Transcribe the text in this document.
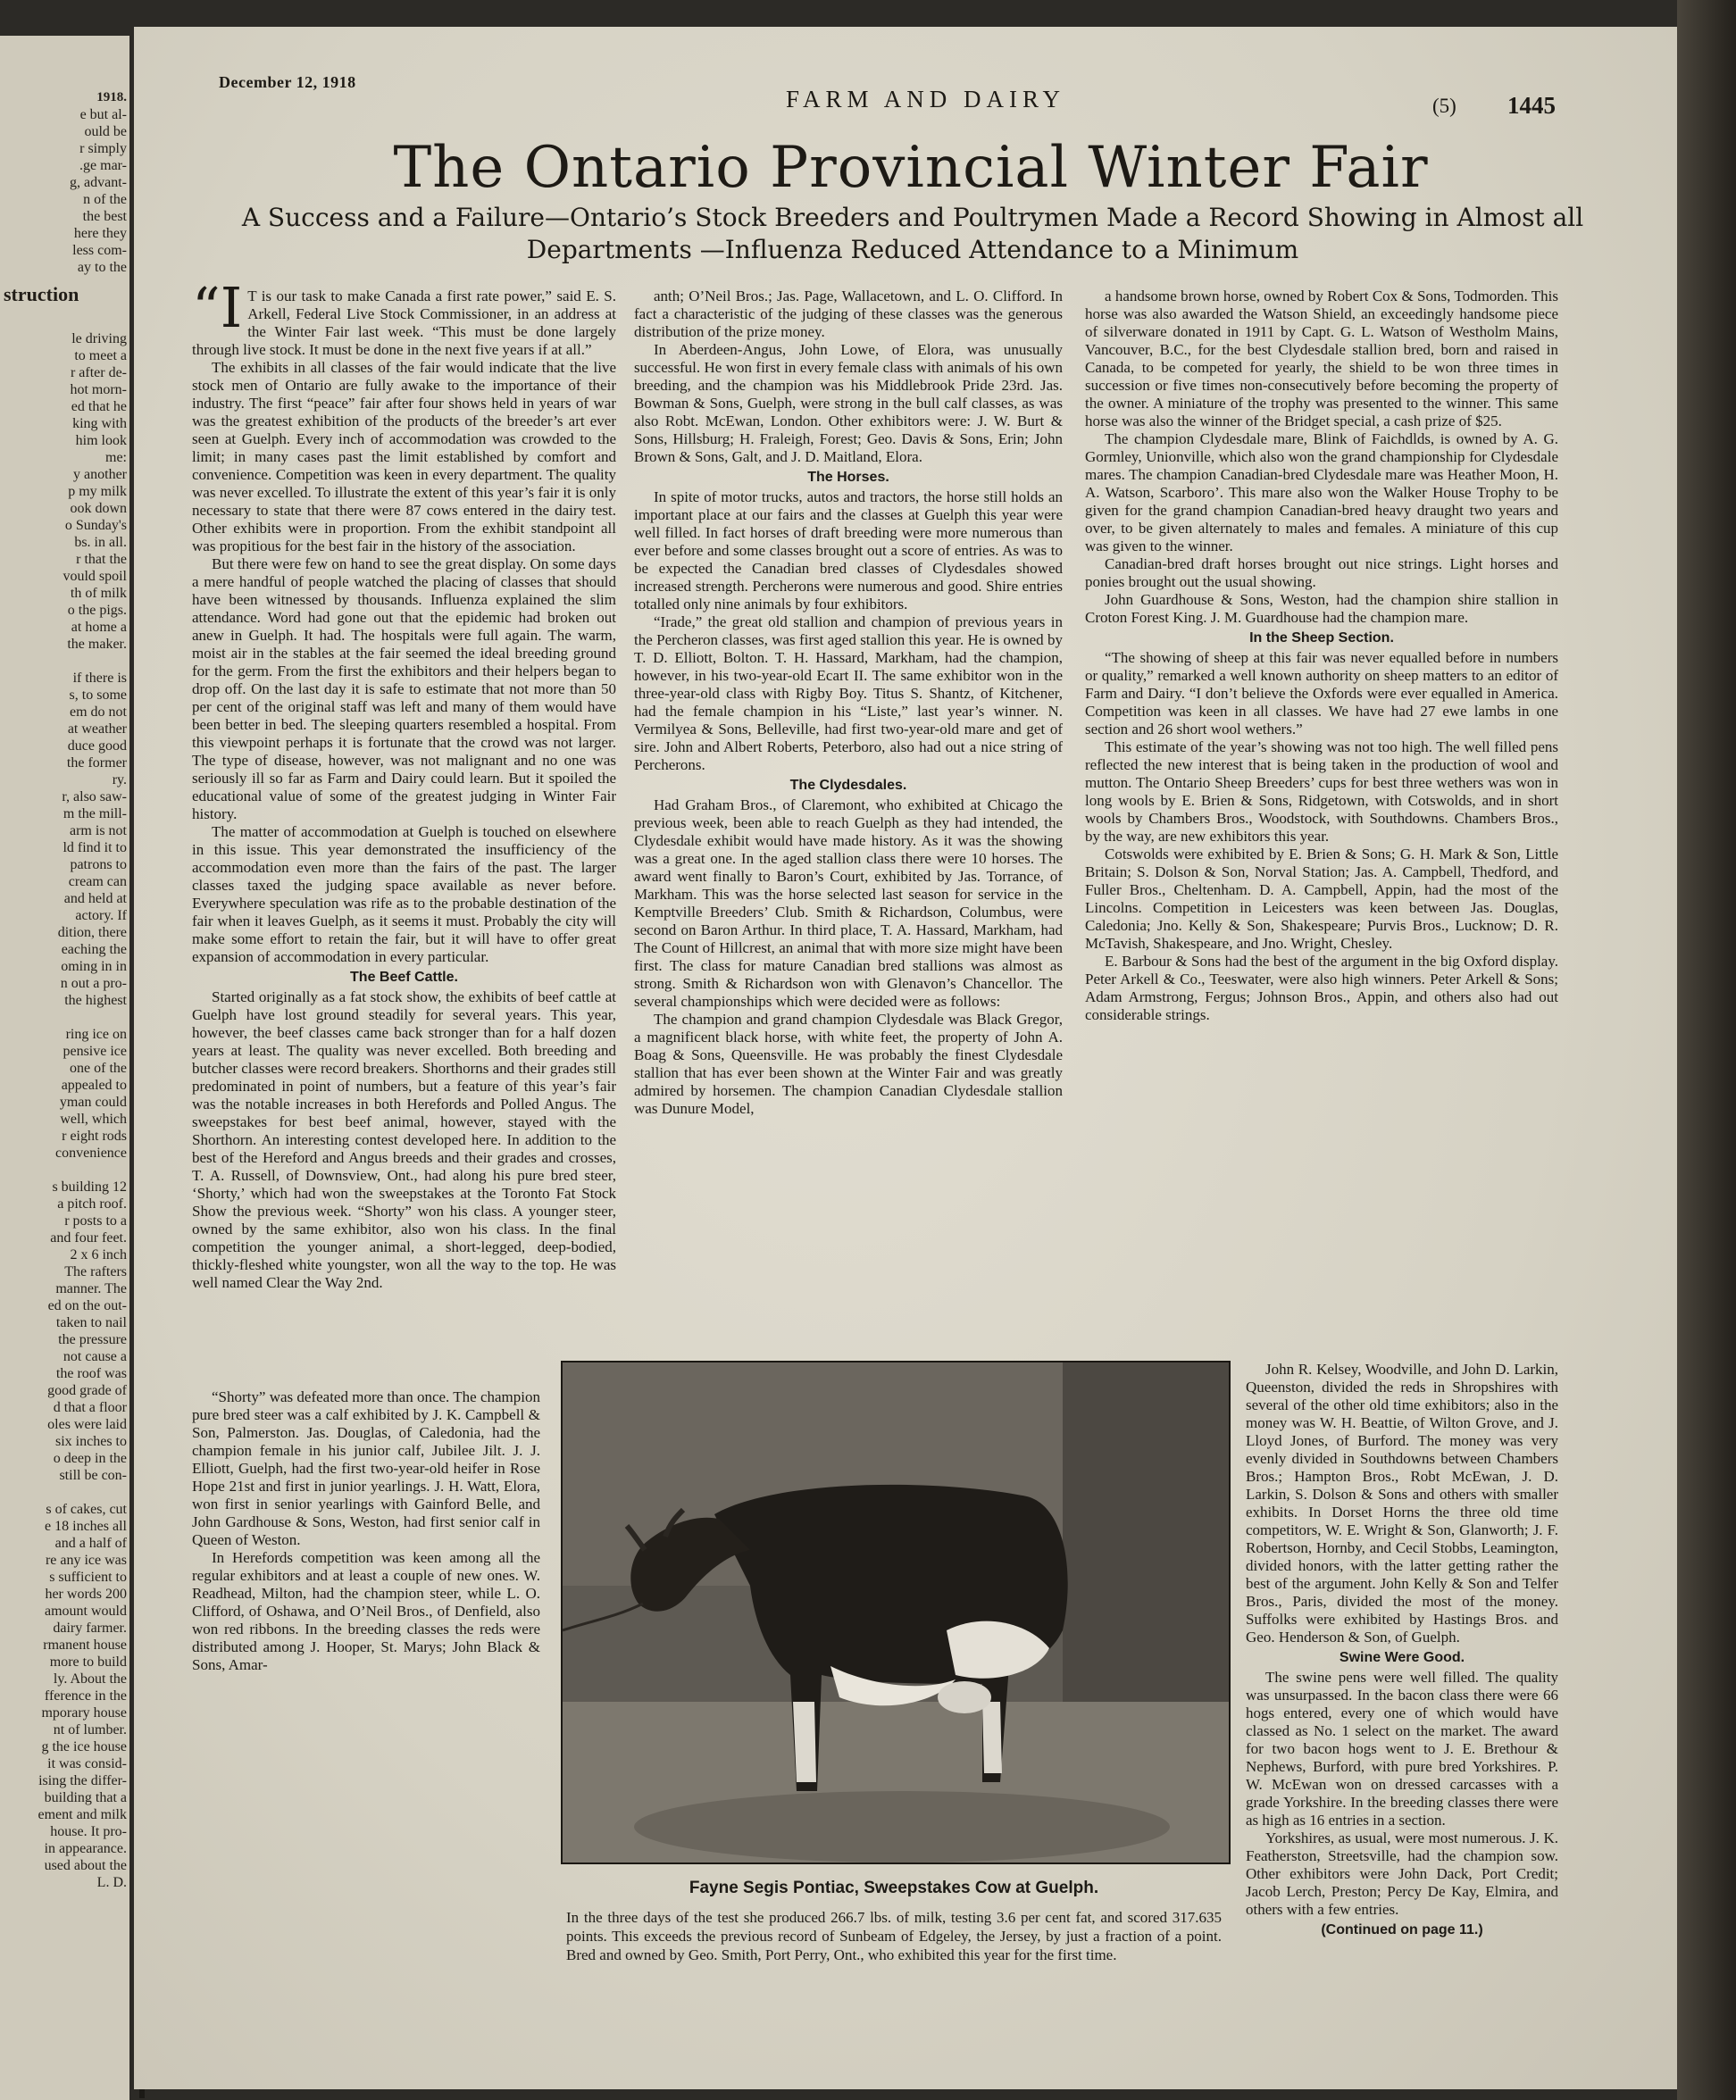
1918.
e but al-
ould be
r simply
.ge mar-
g, advant-
n of the
the best
here they
less com-
ay to the

struction

le driving
to meet a
r after de-
hot morn-
ed that he
king with
him look
me:
y another
p my milk
ook down
o Sunday's
bs. in all.
r that the
vould spoil
th of milk
o the pigs.
at home a
the maker.

if there is
s, to some
em do not
at weather
duce good
the former
ry.
r, also saw-
m the mill-
arm is not
ld find it to
patrons to
cream can
and held at
actory. If
dition, there
eaching the
oming in in
n out a pro-
the highest

ring ice on
pensive ice
one of the
appealed to
yman could
well, which
r eight rods
convenience

s building 12
a pitch roof.
r posts to a
and four feet.
2 x 6 inch
The rafters
manner. The
ed on the out-
taken to nail
the pressure
not cause a
the roof was
good grade of
d that a floor
oles were laid
six inches to
o deep in the
still be con-

s of cakes, cut
e 18 inches all
and a half of
re any ice was
s sufficient to
her words 200
amount would
dairy farmer.
rmanent house
more to build
ly. About the
fference in the
mporary house
nt of lumber.
g the ice house
it was consid-
ising the differ-
building that a
ement and milk
house. It pro-
in appearance.
used about the
L. D.

December 12, 1918
FARM AND DAIRY	(5) 1445
The Ontario Provincial Winter Fair
A Success and a Failure—Ontario’s Stock Breeders and Poultrymen Made a Record Showing in Almost all Departments —Influenza Reduced Attendance to a Minimum

“I T is our task to make Canada a first rate power,” said E. S. Arkell, Federal Live Stock Commissioner, in an address at the Winter Fair last week. “This must be done largely through live stock. It must be done in the next five years if at all.”

The exhibits in all classes of the fair would indicate that the live stock men of Ontario are fully awake to the importance of their industry. The first “peace” fair after four shows held in years of war was the greatest exhibition of the products of the breeder’s art ever seen at Guelph. Every inch of accommodation was crowded to the limit; in many cases past the limit established by comfort and convenience. Competition was keen in every department. The quality was never excelled. To illustrate the extent of this year’s fair it is only necessary to state that there were 87 cows entered in the dairy test. Other exhibits were in proportion. From the exhibit standpoint all was propitious for the best fair in the history of the association.

But there were few on hand to see the great display. On some days a mere handful of people watched the placing of classes that should have been witnessed by thousands. Influenza explained the slim attendance. Word had gone out that the epidemic had broken out anew in Guelph. It had. The hospitals were full again. The warm, moist air in the stables at the fair seemed the ideal breeding ground for the germ. From the first the exhibitors and their helpers began to drop off. On the last day it is safe to estimate that not more than 50 per cent of the original staff was left and many of them would have been better in bed. The sleeping quarters resembled a hospital. From this viewpoint perhaps it is fortunate that the crowd was not larger. The type of disease, however, was not malignant and no one was seriously ill so far as Farm and Dairy could learn. But it spoiled the educational value of some of the greatest judging in Winter Fair history.

The matter of accommodation at Guelph is touched on elsewhere in this issue. This year demonstrated the insufficiency of the accommodation even more than the fairs of the past. The larger classes taxed the judging space available as never before. Everywhere speculation was rife as to the probable destination of the fair when it leaves Guelph, as it seems it must. Probably the city will make some effort to retain the fair, but it will have to offer great expansion of accommodation in every particular.

The Beef Cattle.

Started originally as a fat stock show, the exhibits of beef cattle at Guelph have lost ground steadily for several years. This year, however, the beef classes came back stronger than for a half dozen years at least. The quality was never excelled. Both breeding and butcher classes were record breakers. Shorthorns and their grades still predominated in point of numbers, but a feature of this year’s fair was the notable increases in both Herefords and Polled Angus. The sweepstakes for best beef animal, however, stayed with the Shorthorn. An interesting contest developed here. In addition to the best of the Hereford and Angus breeds and their grades and crosses, T. A. Russell, of Downsview, Ont., had along his pure bred steer, ‘Shorty,’ which had won the sweepstakes at the Toronto Fat Stock Show the previous week. “Shorty” won his class. A younger steer, owned by the same exhibitor, also won his class. In the final competition the younger animal, a short-legged, deep-bodied, thickly-fleshed white youngster, won all the way to the top. He was well named Clear the Way 2nd.

“Shorty” was defeated more than once. The champion pure bred steer was a calf exhibited by J. K. Campbell & Son, Palmerston. Jas. Douglas, of Caledonia, had the champion female in his junior calf, Jubilee Jilt. J. J. Elliott, Guelph, had the first two-year-old heifer in Rose Hope 21st and first in junior yearlings. J. H. Watt, Elora, won first in senior yearlings with Gainford Belle, and John Gardhouse & Sons, Weston, had first senior calf in Queen of Weston.

In Herefords competition was keen among all the regular exhibitors and at least a couple of new ones. W. Readhead, Milton, had the champion steer, while L. O. Clifford, of Oshawa, and O’Neil Bros., of Denfield, also won red ribbons. In the breeding classes the reds were distributed among J. Hooper, St. Marys; John Black & Sons, Amar-

anth; O’Neil Bros.; Jas. Page, Wallacetown, and L. O. Clifford. In fact a characteristic of the judging of these classes was the generous distribution of the prize money.

In Aberdeen-Angus, John Lowe, of Elora, was unusually successful. He won first in every female class with animals of his own breeding, and the champion was his Middlebrook Pride 23rd. Jas. Bowman & Sons, Guelph, were strong in the bull calf classes, as was also Robt. McEwan, London. Other exhibitors were: J. W. Burt & Sons, Hillsburg; H. Fraleigh, Forest; Geo. Davis & Sons, Erin; John Brown & Sons, Galt, and J. D. Maitland, Elora.

The Horses.

In spite of motor trucks, autos and tractors, the horse still holds an important place at our fairs and the classes at Guelph this year were well filled. In fact horses of draft breeding were more numerous than ever before and some classes brought out a score of entries. As was to be expected the Canadian bred classes of Clydesdales showed increased strength. Percherons were numerous and good. Shire entries totalled only nine animals by four exhibitors.

“Irade,” the great old stallion and champion of previous years in the Percheron classes, was first aged stallion this year. He is owned by T. D. Elliott, Bolton. T. H. Hassard, Markham, had the champion, however, in his two-year-old Ecart II. The same exhibitor won in the three-year-old class with Rigby Boy. Titus S. Shantz, of Kitchener, had the female champion in his “Liste,” last year’s winner. N. Vermilyea & Sons, Belleville, had first two-year-old mare and get of sire. John and Albert Roberts, Peterboro, also had out a nice string of Percherons.

The Clydesdales.

Had Graham Bros., of Claremont, who exhibited at Chicago the previous week, been able to reach Guelph as they had intended, the Clydesdale exhibit would have made history. As it was the showing was a great one. In the aged stallion class there were 10 horses. The award went finally to Baron’s Court, exhibited by Jas. Torrance, of Markham. This was the horse selected last season for service in the Kemptville Breeders’ Club. Smith & Richardson, Columbus, were second on Baron Arthur. In third place, T. A. Hassard, Markham, had The Count of Hillcrest, an animal that with more size might have been first. The class for mature Canadian bred stallions was almost as strong. Smith & Richardson won with Glenavon’s Chancellor. The several championships which were decided were as follows:

The champion and grand champion Clydesdale was Black Gregor, a magnificent black horse, with white feet, the property of John A. Boag & Sons, Queensville. He was probably the finest Clydesdale stallion that has ever been shown at the Winter Fair and was greatly admired by horsemen. The champion Canadian Clydesdale stallion was Dunure Model,

a handsome brown horse, owned by Robert Cox & Sons, Todmorden. This horse was also awarded the Watson Shield, an exceedingly handsome piece of silverware donated in 1911 by Capt. G. L. Watson of Westholm Mains, Vancouver, B.C., for the best Clydesdale stallion bred, born and raised in Canada, to be competed for yearly, the shield to be won three times in succession or five times non-consecutively before becoming the property of the owner. A miniature of the trophy was presented to the winner. This same horse was also the winner of the Bridget special, a cash prize of $25.

The champion Clydesdale mare, Blink of Faichdlds, is owned by A. G. Gormley, Unionville, which also won the grand championship for Clydesdale mares. The champion Canadian-bred Clydesdale mare was Heather Moon, H. A. Watson, Scarboro’. This mare also won the Walker House Trophy to be given for the grand champion Canadian-bred heavy draught two years and over, to be given alternately to males and females. A miniature of this cup was given to the winner.

Canadian-bred draft horses brought out nice strings. Light horses and ponies brought out the usual showing.

John Guardhouse & Sons, Weston, had the champion shire stallion in Croton Forest King. J. M. Guardhouse had the champion mare.

In the Sheep Section.

“The showing of sheep at this fair was never equalled before in numbers or quality,” remarked a well known authority on sheep matters to an editor of Farm and Dairy. “I don’t believe the Oxfords were ever equalled in America. Competition was keen in all classes. We have had 27 ewe lambs in one section and 26 short wool wethers.”

This estimate of the year’s showing was not too high. The well filled pens reflected the new interest that is being taken in the production of wool and mutton. The Ontario Sheep Breeders’ cups for best three wethers was won in long wools by E. Brien & Sons, Ridgetown, with Cotswolds, and in short wools by Chambers Bros., Woodstock, with Southdowns. Chambers Bros., by the way, are new exhibitors this year.

Cotswolds were exhibited by E. Brien & Sons; G. H. Mark & Son, Little Britain; S. Dolson & Son, Norval Station; Jas. A. Campbell, Thedford, and Fuller Bros., Cheltenham. D. A. Campbell, Appin, had the most of the Lincolns. Competition in Leicesters was keen between Jas. Douglas, Caledonia; Jno. Kelly & Son, Shakespeare; Purvis Bros., Lucknow; D. R. McTavish, Shakespeare, and Jno. Wright, Chesley.

E. Barbour & Sons had the best of the argument in the big Oxford display. Peter Arkell & Co., Teeswater, were also high winners. Peter Arkell & Sons; Adam Armstrong, Fergus; Johnson Bros., Appin, and others also had out considerable strings.

John R. Kelsey, Woodville, and John D. Larkin, Queenston, divided the reds in Shropshires with several of the other old time exhibitors; also in the money was W. H. Beattie, of Wilton Grove, and J. Lloyd Jones, of Burford. The money was very evenly divided in Southdowns between Chambers Bros.; Hampton Bros., Robt McEwan, J. D. Larkin, S. Dolson & Sons and others with smaller exhibits. In Dorset Horns the three old time competitors, W. E. Wright & Son, Glanworth; J. F. Robertson, Hornby, and Cecil Stobbs, Leamington, divided honors, with the latter getting rather the best of the argument. John Kelly & Son and Telfer Bros., Paris, divided the most of the money. Suffolks were exhibited by Hastings Bros. and Geo. Henderson & Son, of Guelph.

Swine Were Good.

The swine pens were well filled. The quality was unsurpassed. In the bacon class there were 66 hogs entered, every one of which would have classed as No. 1 select on the market. The award for two bacon hogs went to J. E. Brethour & Nephews, Burford, with pure bred Yorkshires. P. W. McEwan won on dressed carcasses with a grade Yorkshire. In the breeding classes there were as high as 16 entries in a section.

Yorkshires, as usual, were most numerous. J. K. Featherston, Streetsville, had the champion sow. Other exhibitors were John Dack, Port Credit; Jacob Lerch, Preston; Percy De Kay, Elmira, and others with a few entries.

(Continued on page 11.)
Fayne Segis Pontiac, Sweepstakes Cow at Guelph.
In the three days of the test she produced 266.7 lbs. of milk, testing 3.6 per cent fat, and scored 317.635 points. This exceeds the previous record of Sunbeam of Edgeley, the Jersey, by just a fraction of a point. Bred and owned by Geo. Smith, Port Perry, Ont., who exhibited this year for the first time.
